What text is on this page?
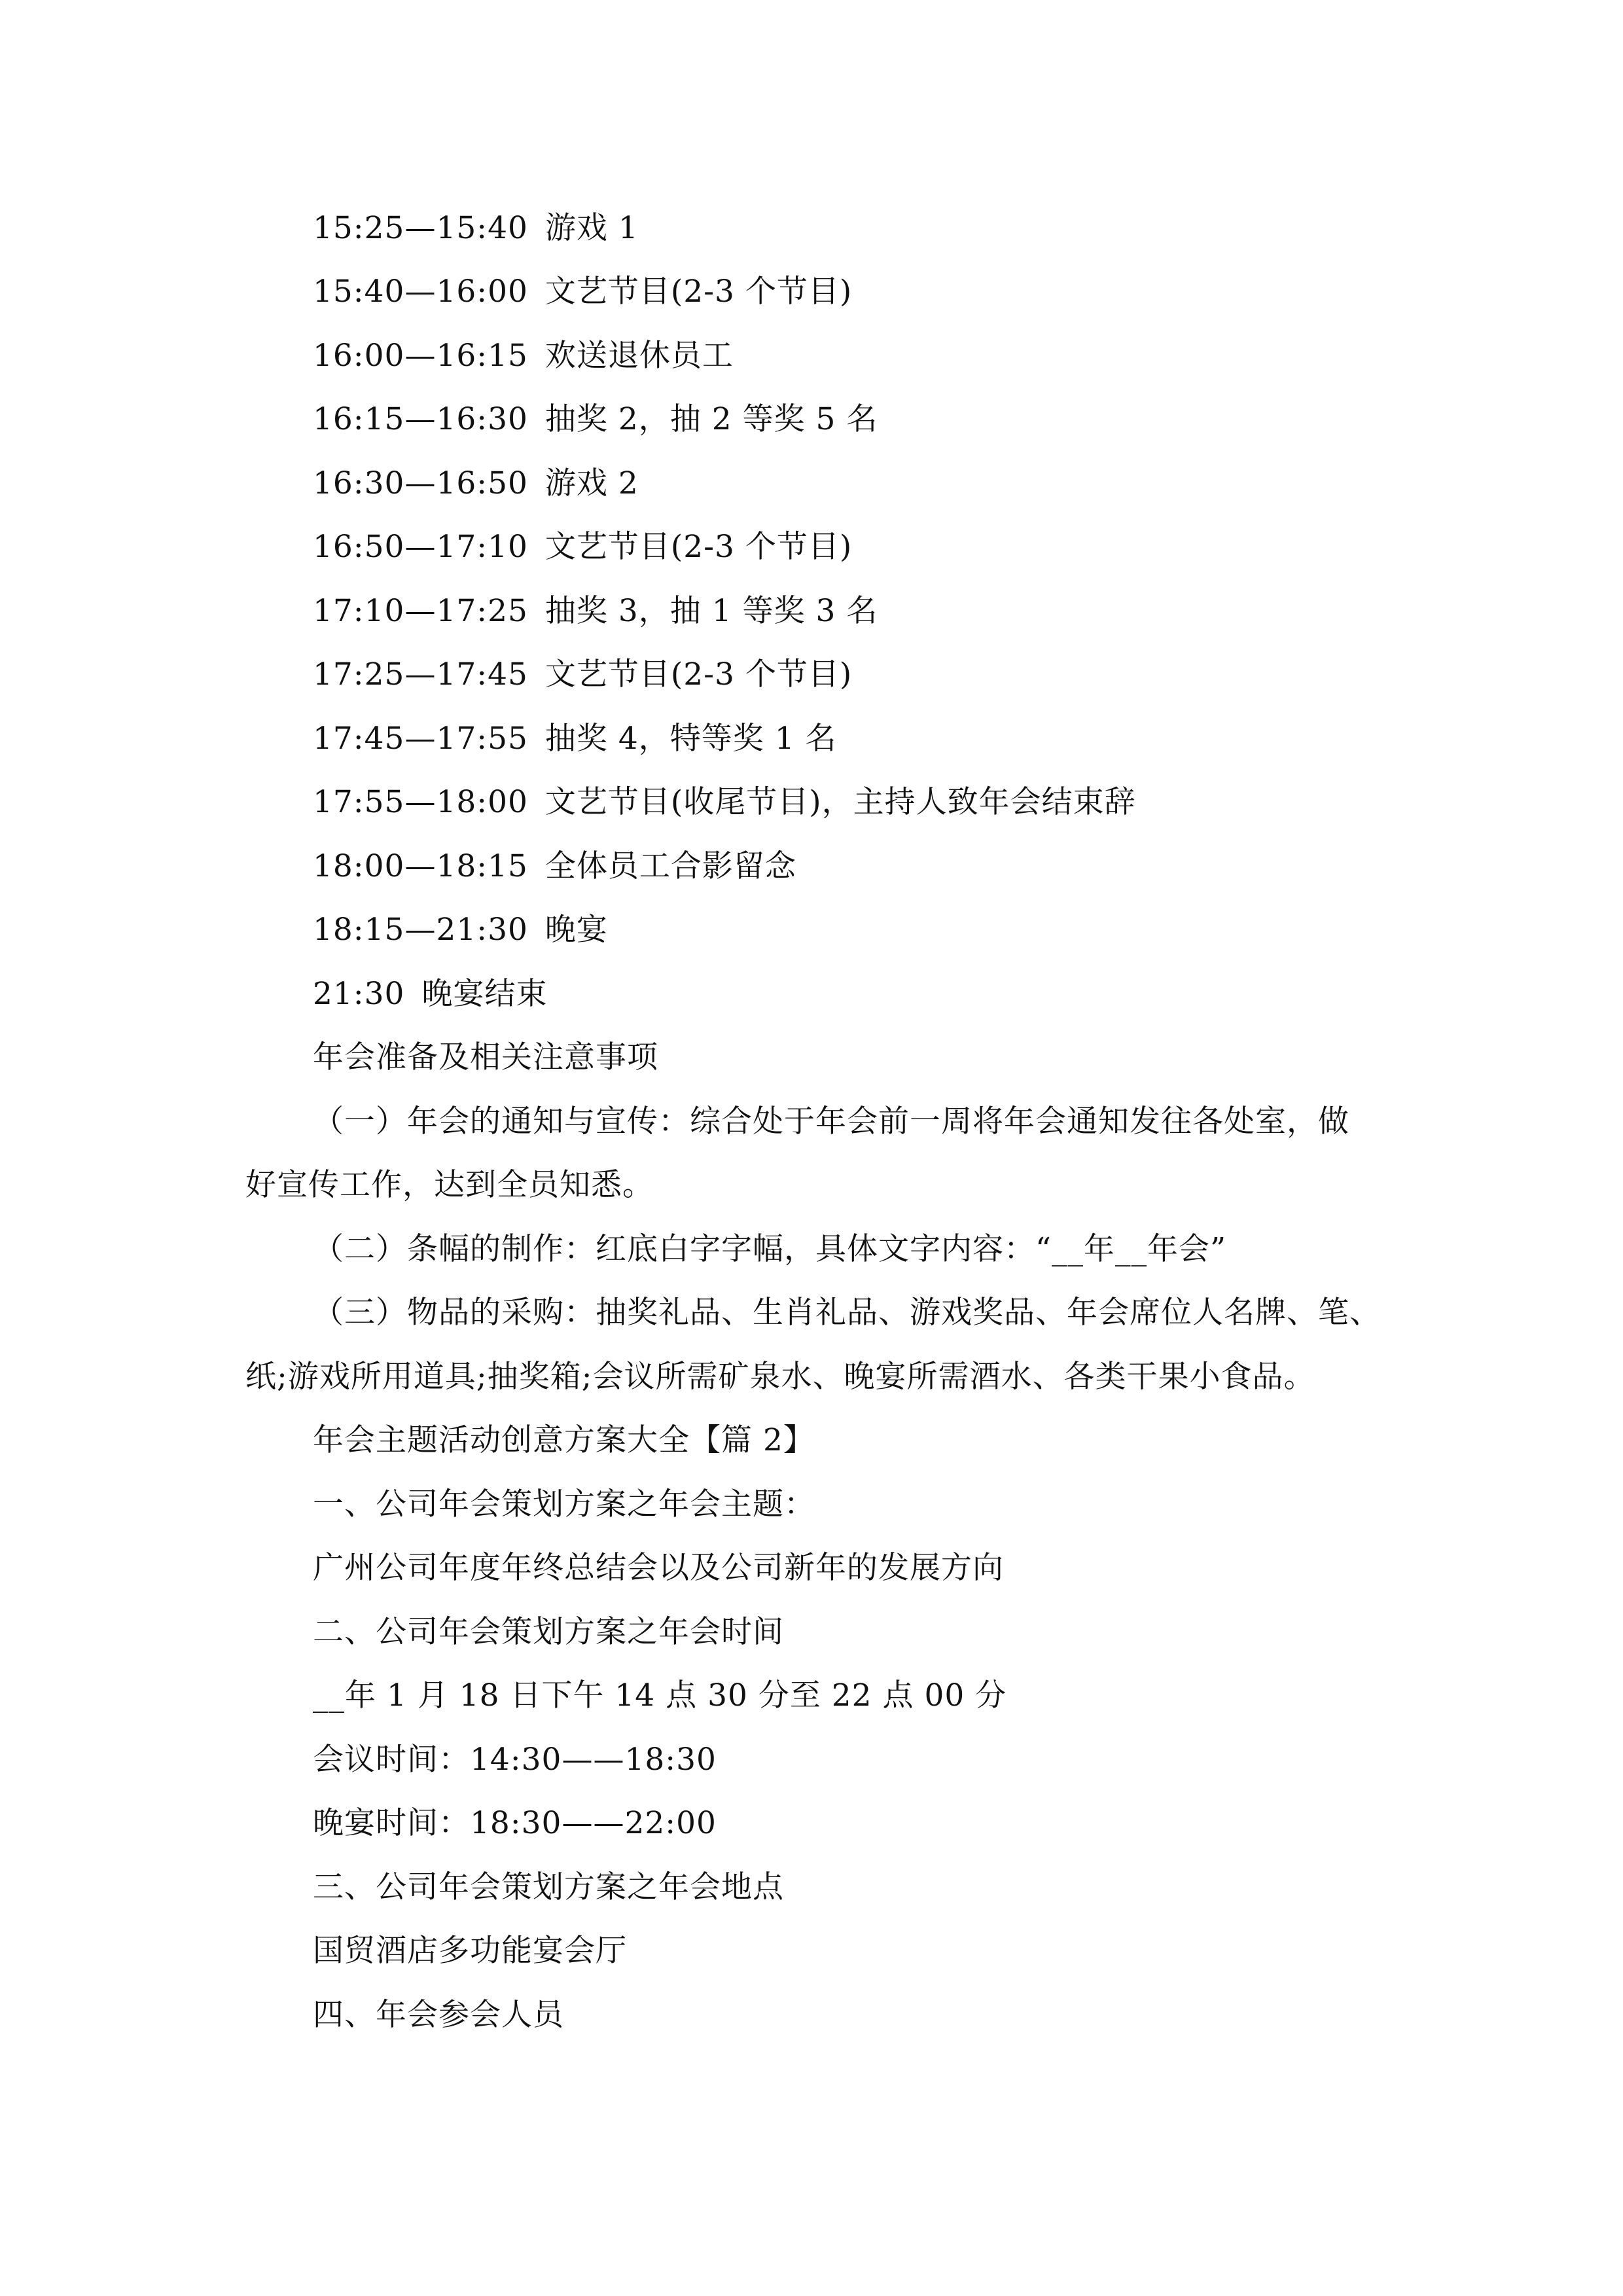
15:25—15:40 游戏 1
15:40—16:00 文艺节目(2-3 个节目)
16:00—16:15 欢送退休员工
16:15—16:30 抽奖 2，抽 2 等奖 5 名
16:30—16:50 游戏 2
16:50—17:10 文艺节目(2-3 个节目)
17:10—17:25 抽奖 3，抽 1 等奖 3 名
17:25—17:45 文艺节目(2-3 个节目)
17:45—17:55 抽奖 4，特等奖 1 名
17:55—18:00 文艺节目(收尾节目)，主持人致年会结束辞
18:00—18:15 全体员工合影留念
18:15—21:30 晚宴
21:30 晚宴结束
年会准备及相关注意事项
（一）年会的通知与宣传：综合处于年会前一周将年会通知发往各处室，做
好宣传工作，达到全员知悉。
（二）条幅的制作：红底白字字幅，具体文字内容：“__年__年会”
（三）物品的采购：抽奖礼品、生肖礼品、游戏奖品、年会席位人名牌、笔、
纸;游戏所用道具;抽奖箱;会议所需矿泉水、晚宴所需酒水、各类干果小食品。
年会主题活动创意方案大全【篇 2】
一、公司年会策划方案之年会主题：
广州公司年度年终总结会以及公司新年的发展方向
二、公司年会策划方案之年会时间
__年 1 月 18 日下午 14 点 30 分至 22 点 00 分
会议时间：14:30——18:30
晚宴时间：18:30——22:00
三、公司年会策划方案之年会地点
国贸酒店多功能宴会厅
四、年会参会人员
